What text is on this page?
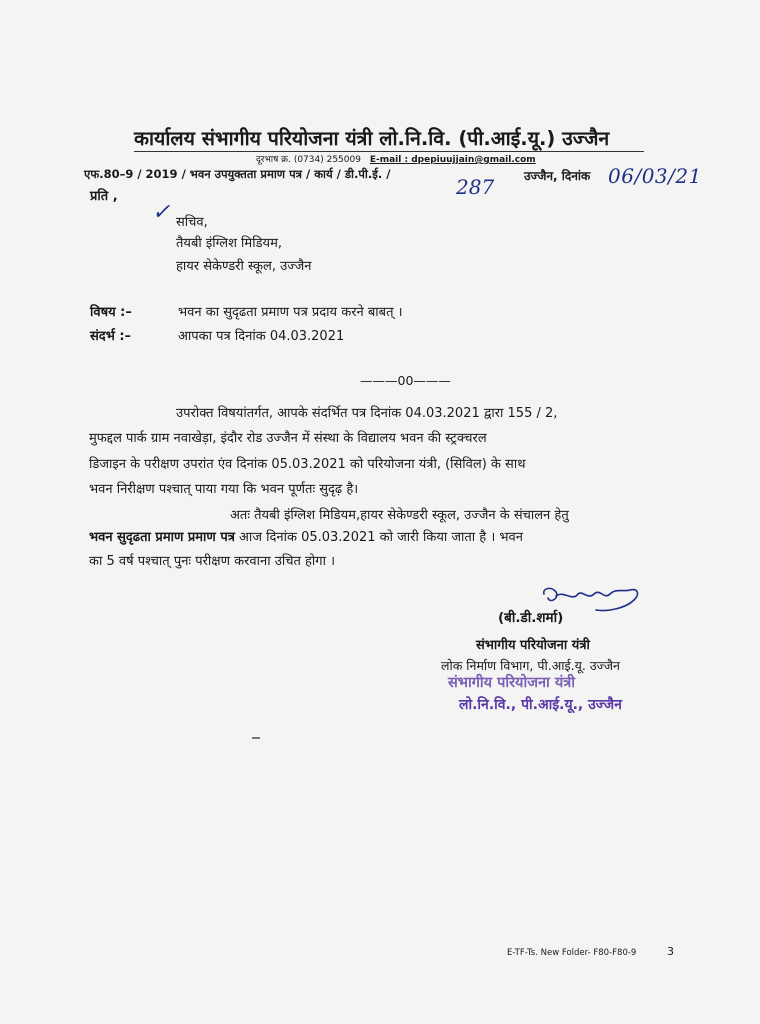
कार्यालय संभागीय परियोजना यंत्री लो.नि.वि. (पी.आई.यू.) उज्जैन
दूरभाष क्र. (0734) 255009 E-mail : dpepiuujjain@gmail.com
एफ.80–9 / 2019 / भवन उपयुक्तता प्रमाण पत्र / कार्य / डी.पी.ई. /
287 उज्जैन, दिनांक 06/03/21
प्रति ,
✓ सचिव,
तैयबी इंग्लिश मिडियम,
हायर सेकेण्डरी स्कूल, उज्जैन
विषय :–	भवन का सुदृढता प्रमाण पत्र प्रदाय करने बाबत् ।
संदर्भ :–	आपका पत्र दिनांक 04.03.2021
———00———
उपरोक्त विषयांतर्गत, आपके संदर्भित पत्र दिनांक 04.03.2021 द्वारा 155 / 2,
मुफद्दल पार्क ग्राम नवाखेड़ा, इंदौर रोड उज्जैन में संस्था के विद्यालय भवन की स्ट्रक्चरल
डिजाइन के परीक्षण उपरांत एंव दिनांक 05.03.2021 को परियोजना यंत्री, (सिविल) के साथ
भवन निरीक्षण पश्चात् पाया गया कि भवन पूर्णतः सुदृढ़ है।
अतः तैयबी इंग्लिश मिडियम,हायर सेकेण्डरी स्कूल, उज्जैन के संचालन हेतु
भवन सुदृढता प्रमाण प्रमाण पत्र आज दिनांक 05.03.2021 को जारी किया जाता है । भवन
का 5 वर्ष पश्चात् पुनः परीक्षण करवाना उचित होगा ।
(बी.डी.शर्मा)
संभागीय परियोजना यंत्री
लोक निर्माण विभाग, पी.आई.यू. उज्जैन
संभागीय परियोजना यंत्री
लो.नि.वि., पी.आई.यू., उज्जैन
E-TF-Ts. New Folder- F80-F80-9	3
